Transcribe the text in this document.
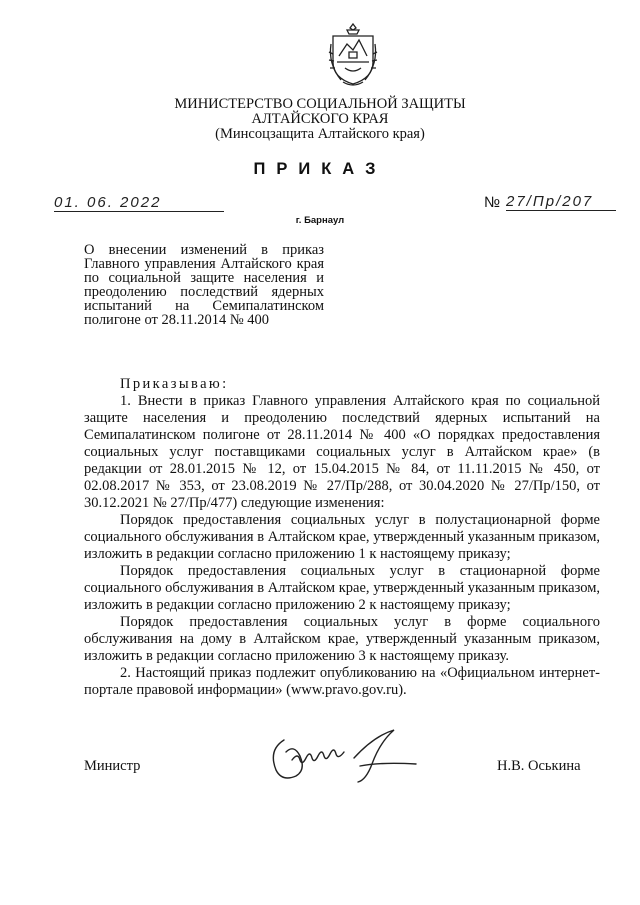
МИНИСТЕРСТВО СОЦИАЛЬНОЙ ЗАЩИТЫ
АЛТАЙСКОГО КРАЯ
(Минсоцзащита Алтайского края)
ПРИКАЗ
01. 06. 2022	№ 27/Пр/207
г. Барнаул
О внесении изменений в приказ Главного управления Алтайского края по социальной защите населения и преодолению последствий ядерных испытаний на Семипалатинском полигоне от 28.11.2014 № 400

Приказываю:

1. Внести в приказ Главного управления Алтайского края по социальной защите населения и преодолению последствий ядерных испытаний на Семипалатинском полигоне от 28.11.2014 № 400 «О порядках предоставления социальных услуг поставщиками социальных услуг в Алтайском крае» (в редакции от 28.01.2015 № 12, от 15.04.2015 № 84, от 11.11.2015 № 450, от 02.08.2017 № 353, от 23.08.2019 № 27/Пр/288, от 30.04.2020 № 27/Пр/150, от 30.12.2021 № 27/Пр/477) следующие изменения:

Порядок предоставления социальных услуг в полустационарной форме социального обслуживания в Алтайском крае, утвержденный указанным приказом, изложить в редакции согласно приложению 1 к настоящему приказу;

Порядок предоставления социальных услуг в стационарной форме социального обслуживания в Алтайском крае, утвержденный указанным приказом, изложить в редакции согласно приложению 2 к настоящему приказу;

Порядок предоставления социальных услуг в форме социального обслуживания на дому в Алтайском крае, утвержденный указанным приказом, изложить в редакции согласно приложению 3 к настоящему приказу.

2. Настоящий приказ подлежит опубликованию на «Официальном интернет-портале правовой информации» (www.pravo.gov.ru).

Министр	Н.В. Оськина
